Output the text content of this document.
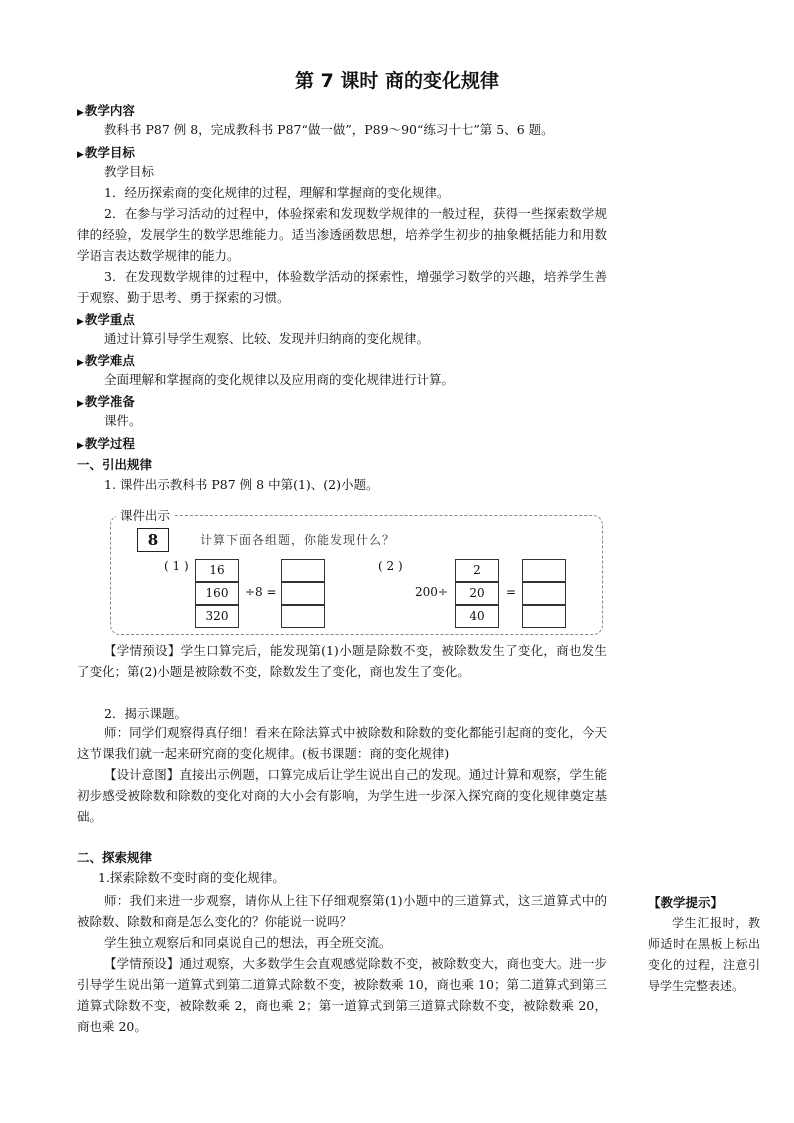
第 7 课时 商的变化规律
▶教学内容
教科书 P87 例 8，完成教科书 P87“做一做”，P89～90“练习十七”第 5、6 题。
▶教学目标
教学目标
1．经历探索商的变化规律的过程，理解和掌握商的变化规律。
2．在参与学习活动的过程中，体验探索和发现数学规律的一般过程，获得一些探索数学规律的经验，发展学生的数学思维能力。适当渗透函数思想，培养学生初步的抽象概括能力和用数学语言表达数学规律的能力。
3．在发现数学规律的过程中，体验数学活动的探索性，增强学习数学的兴趣，培养学生善于观察、勤于思考、勇于探索的习惯。
▶教学重点
通过计算引导学生观察、比较、发现并归纳商的变化规律。
▶教学难点
全面理解和掌握商的变化规律以及应用商的变化规律进行计算。
▶教学准备
课件。
▶教学过程
一、引出规律
1. 课件出示教科书 P87 例 8 中第(1)、(2)小题。
课件出示
8	计算下面各组题，你能发现什么？
( 1 )	16
160
320
÷8 =
( 2 )
200÷
2
20
40
=
【学情预设】学生口算完后，能发现第(1)小题是除数不变，被除数发生了变化，商也发生了变化；第(2)小题是被除数不变，除数发生了变化，商也发生了变化。
2．揭示课题。
师：同学们观察得真仔细！看来在除法算式中被除数和除数的变化都能引起商的变化，今天这节课我们就一起来研究商的变化规律。(板书课题：商的变化规律)
【设计意图】直接出示例题，口算完成后让学生说出自己的发现。通过计算和观察，学生能初步感受被除数和除数的变化对商的大小会有影响，为学生进一步深入探究商的变化规律奠定基础。
二、探索规律
1.探索除数不变时商的变化规律。
师：我们来进一步观察，请你从上往下仔细观察第(1)小题中的三道算式，这三道算式中的被除数、除数和商是怎么变化的？你能说一说吗？
学生独立观察后和同桌说自己的想法，再全班交流。
【学情预设】通过观察，大多数学生会直观感觉除数不变，被除数变大，商也变大。进一步引导学生说出第一道算式到第二道算式除数不变，被除数乘 10，商也乘 10；第二道算式到第三道算式除数不变，被除数乘 2，商也乘 2；第一道算式到第三道算式除数不变，被除数乘 20，商也乘 20。
【教学提示】
学生汇报时，教师适时在黑板上标出变化的过程，注意引导学生完整表述。
